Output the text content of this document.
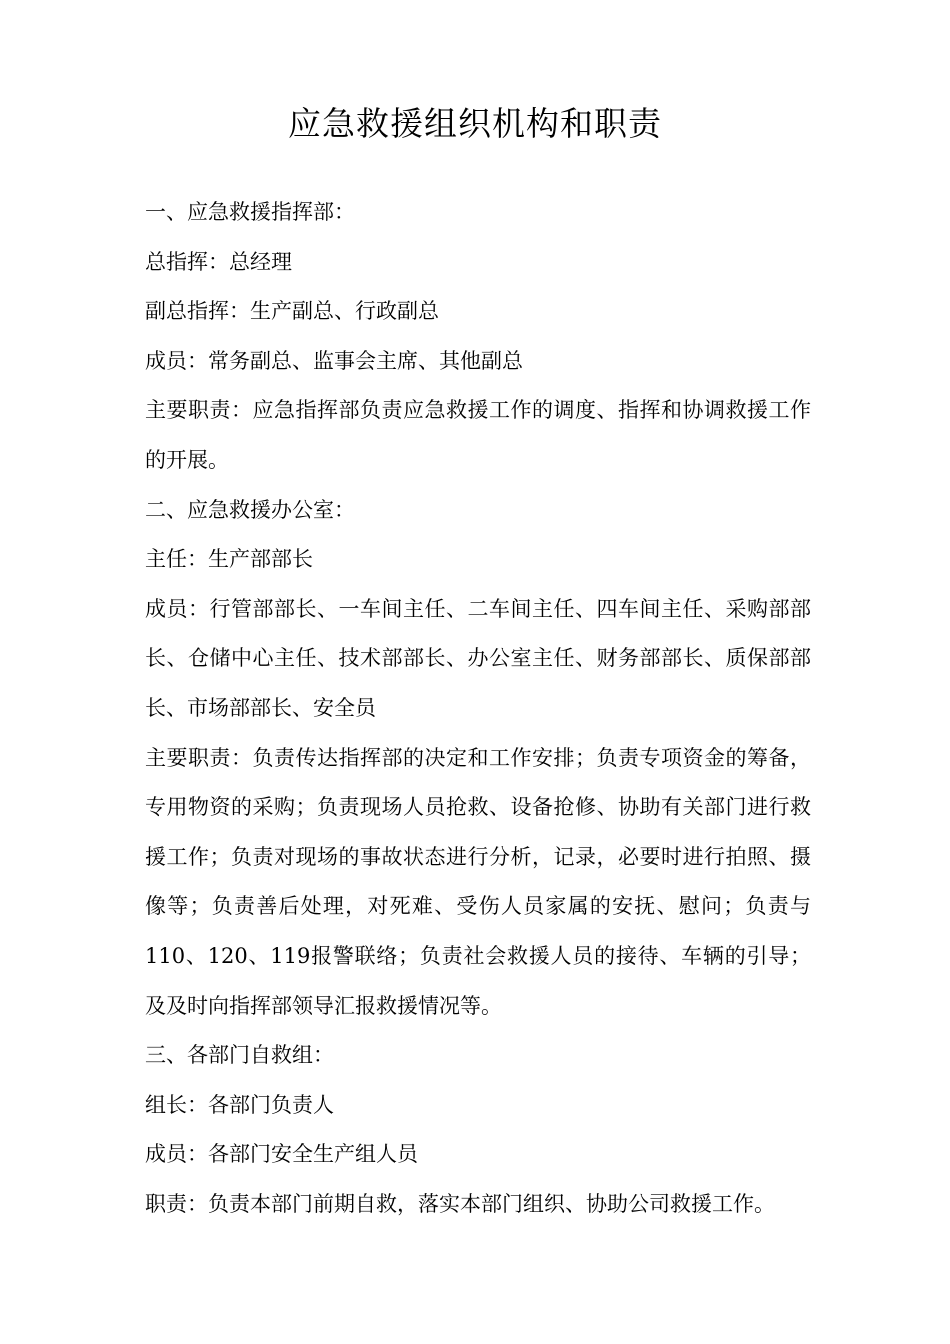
应急救援组织机构和职责

一、应急救援指挥部：

总指挥：总经理

副总指挥：生产副总、行政副总

成员：常务副总、监事会主席、其他副总

主要职责：应急指挥部负责应急救援工作的调度、指挥和协调救援工作的开展。

二、应急救援办公室：

主任：生产部部长

成员：行管部部长、一车间主任、二车间主任、四车间主任、采购部部长、仓储中心主任、技术部部长、办公室主任、财务部部长、质保部部长、市场部部长、安全员

主要职责：负责传达指挥部的决定和工作安排；负责专项资金的筹备，专用物资的采购；负责现场人员抢救、设备抢修、协助有关部门进行救援工作；负责对现场的事故状态进行分析，记录，必要时进行拍照、摄像等；负责善后处理，对死难、受伤人员家属的安抚、慰问；负责与110、120、119报警联络；负责社会救援人员的接待、车辆的引导；及及时向指挥部领导汇报救援情况等。

三、各部门自救组：

组长：各部门负责人

成员：各部门安全生产组人员

职责：负责本部门前期自救，落实本部门组织、协助公司救援工作。
